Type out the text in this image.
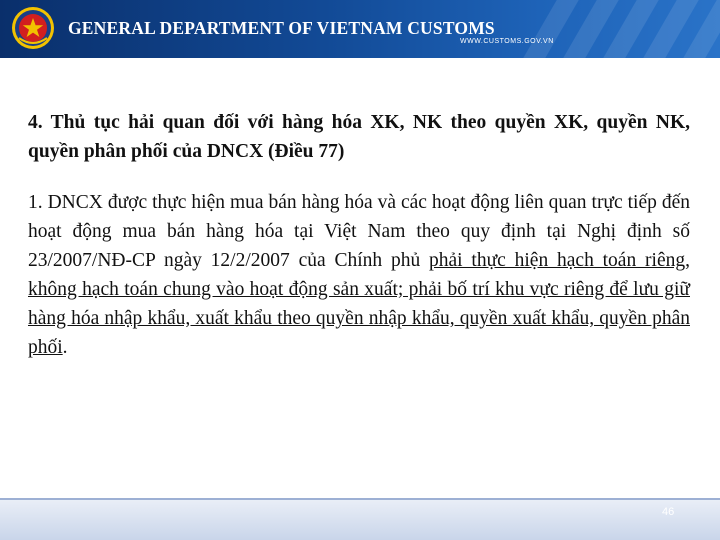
GENERAL DEPARTMENT OF VIETNAM CUSTOMS
WWW.CUSTOMS.GOV.VN

4. Thủ tục hải quan đối với hàng hóa XK, NK theo quyền XK, quyền NK, quyền phân phối của DNCX (Điều 77)

1. DNCX được thực hiện mua bán hàng hóa và các hoạt động liên quan trực tiếp đến hoạt động mua bán hàng hóa tại Việt Nam theo quy định tại Nghị định số 23/2007/NĐ-CP ngày 12/2/2007 của Chính phủ phải thực hiện hạch toán riêng, không hạch toán chung vào hoạt động sản xuất; phải bố trí khu vực riêng để lưu giữ hàng hóa nhập khẩu, xuất khẩu theo quyền nhập khẩu, quyền xuất khẩu, quyền phân phối.

46
